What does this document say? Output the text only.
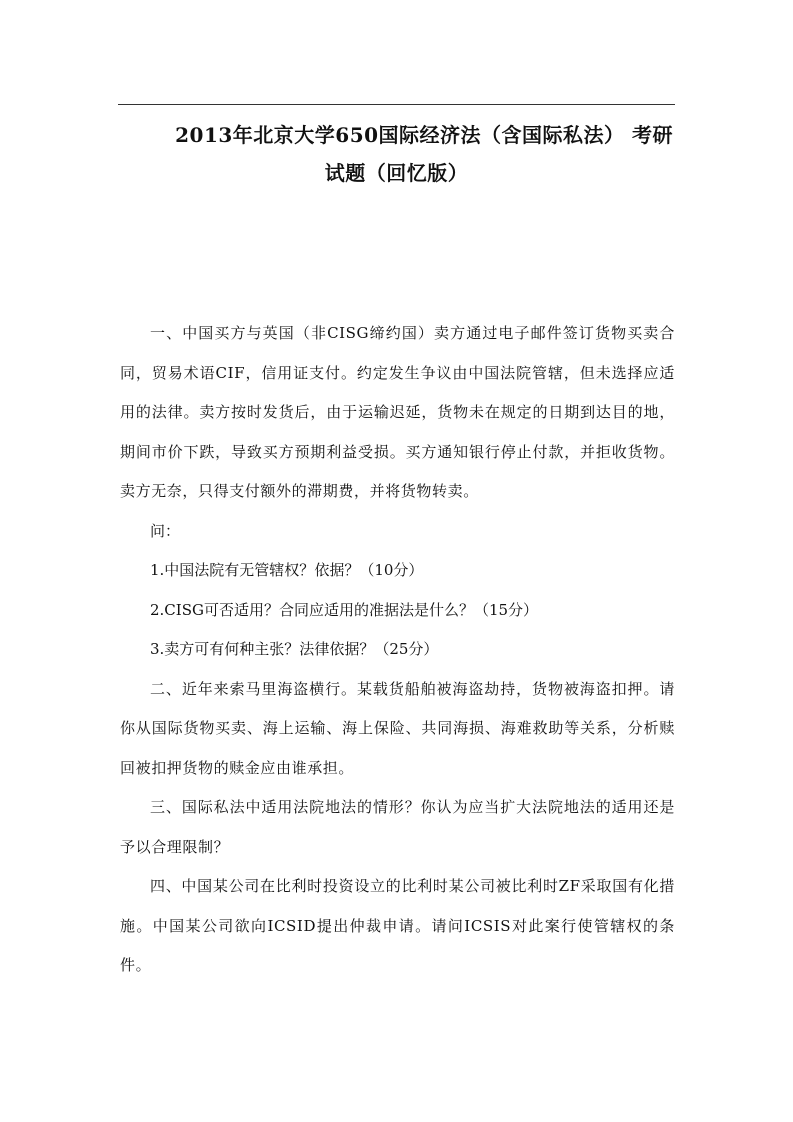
2013年北京大学650国际经济法（含国际私法） 考研
试题（回忆版）

一、中国买方与英国（非CISG缔约国）卖方通过电子邮件签订货物买卖合同，贸易术语CIF，信用证支付。约定发生争议由中国法院管辖，但未选择应适用的法律。卖方按时发货后，由于运输迟延，货物未在规定的日期到达目的地，期间市价下跌，导致买方预期利益受损。买方通知银行停止付款，并拒收货物。卖方无奈，只得支付额外的滞期费，并将货物转卖。

问：

1.中国法院有无管辖权？依据？（10分）

2.CISG可否适用？合同应适用的准据法是什么？（15分）

3.卖方可有何种主张？法律依据？（25分）

二、近年来索马里海盗横行。某载货船舶被海盗劫持，货物被海盗扣押。请你从国际货物买卖、海上运输、海上保险、共同海损、海难救助等关系，分析赎回被扣押货物的赎金应由谁承担。

三、国际私法中适用法院地法的情形？你认为应当扩大法院地法的适用还是予以合理限制？

四、中国某公司在比利时投资设立的比利时某公司被比利时ZF采取国有化措施。中国某公司欲向ICSID提出仲裁申请。请问ICSIS对此案行使管辖权的条件。
